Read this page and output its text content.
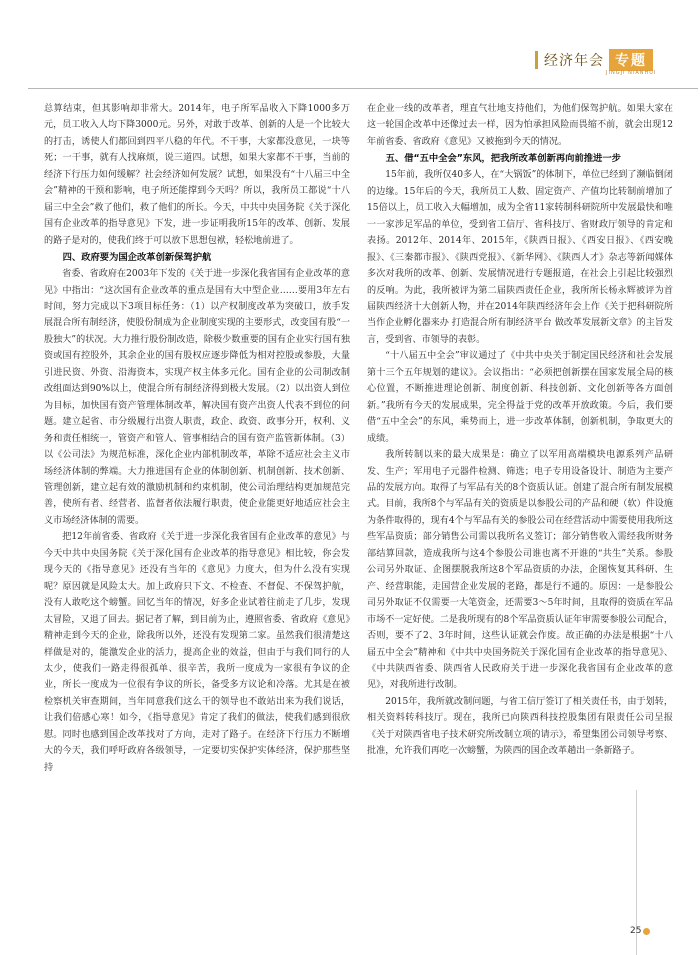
经济年会 专题
JINGJI NIANHUI

总算结束，但其影响却非常大。2014年，电子所军品收入下降1000多万元，员工收入人均下降3000元。另外，对敢于改革、创新的人是一个比较大的打击，诱使人们都回到四平八稳的年代。不干事，大家都没意见，一块等死；一干事，就有人找麻烦，说三道四。试想，如果大家都不干事，当前的经济下行压力如何缓解？社会经济如何发展？试想，如果没有“十八届三中全会”精神的干预和影响，电子所还能撑到今天吗？所以，我所员工都说“十八届三中全会”救了他们，救了他们的所长。今天，中共中央国务院《关于深化国有企业改革的指导意见》下发，进一步证明我所15年的改革、创新、发展的路子是对的，使我们终于可以放下思想包袱，轻松地前进了。

四、政府要为国企改革创新保驾护航

省委、省政府在2003年下发的《关于进一步深化我省国有企业改革的意见》中指出：“这次国有企业改革的重点是国有大中型企业……要用3年左右时间，努力完成以下3项目标任务：（1）以产权制度改革为突破口，放手发展混合所有制经济，使股份制成为企业制度实现的主要形式，改变国有股“一股独大”的状况。大力推行股份制改造，除极少数重要的国有企业实行国有独资或国有控股外，其余企业的国有股权应逐步降低为相对控股或参股，大量引进民资、外资、沿海资本，实现产权主体多元化。国有企业的公司制改制改组面达到90%以上，使混合所有制经济得到极大发展。（2）以出资人到位为目标，加快国有资产管理体制改革，解决国有资产出资人代表不到位的问题。建立起省、市分级履行出资人职责，政企、政资、政事分开，权利、义务和责任相统一，管资产和管人、管事相结合的国有资产监管新体制。（3）以《公司法》为规范标准，深化企业内部机制改革，革除不适应社会主义市场经济体制的弊端。大力推进国有企业的体制创新、机制创新、技术创新、管理创新，建立起有效的激励机制和约束机制，使公司治理结构更加规范完善，使所有者、经营者、监督者依法履行职责，使企业能更好地适应社会主义市场经济体制的需要。

把12年前省委、省政府《关于进一步深化我省国有企业改革的意见》与今天中共中央国务院《关于深化国有企业改革的指导意见》相比较，你会发现今天的《指导意见》还没有当年的《意见》力度大，但为什么没有实现呢？原因就是风险太大。加上政府只下文、不检查、不督促、不保驾护航，没有人敢吃这个螃蟹。回忆当年的情况，好多企业试着往前走了几步，发现太冒险，又退了回去。据记者了解，到目前为止，遵照省委、省政府《意见》精神走到今天的企业，除我所以外，还没有发现第二家。虽然我们很清楚这样做是对的，能激发企业的活力，提高企业的效益，但由于与我们同行的人太少，使我们一路走得很孤单、很辛苦，我所一度成为一家很有争议的企业，所长一度成为一位很有争议的所长，备受多方议论和冷落。尤其是在被检察机关审查期间，当年同意我们这么干的领导也不敢站出来为我们说话，让我们倍感心寒！如今，《指导意见》肯定了我们的做法，使我们感到很欣慰。同时也感到国企改革找对了方向，走对了路子。在经济下行压力不断增大的今天，我们呼吁政府各级领导，一定要切实保护实体经济，保护那些坚持

在企业一线的改革者，理直气壮地支持他们，为他们保驾护航。如果大家在这一轮国企改革中还像过去一样，因为怕承担风险而畏缩不前，就会出现12年前省委、省政府《意见》又被拖到今天的情况。

五、借“五中全会”东风，把我所改革创新再向前推进一步

15年前，我所仅40多人，在“大锅饭”的体制下，单位已经到了濒临倒闭的边缘。15年后的今天，我所员工人数、固定资产、产值均比转制前增加了15倍以上，员工收入大幅增加，成为全省11家转制科研院所中发展最快和唯一一家涉足军品的单位，受到省工信厅、省科技厅、省财政厅领导的肯定和表扬。2012年、2014年、2015年，《陕西日报》、《西安日报》、《西安晚报》、《三秦都市报》、《陕西党报》、《新华网》、《陕西人才》杂志等新闻媒体多次对我所的改革、创新、发展情况进行专题报道，在社会上引起比较强烈的反响。为此，我所被评为第二届陕西责任企业，我所所长杨永辉被评为首届陕西经济十大创新人物，并在2014年陕西经济年会上作《关于把科研院所当作企业孵化器来办 打造混合所有制经济平台 做改革发展新文章》的主旨发言，受到省、市领导的表彰。

“十八届五中全会”审议通过了《中共中央关于制定国民经济和社会发展第十三个五年规划的建议》。会议指出：“必须把创新摆在国家发展全局的核心位置，不断推进理论创新、制度创新、科技创新、文化创新等各方面创新。”我所有今天的发展成果，完全得益于党的改革开放政策。今后，我们要借“五中全会”的东风，乘势而上，进一步改革体制，创新机制，争取更大的成绩。

我所转制以来的最大成果是：确立了以军用高端模块电源系列产品研发、生产；军用电子元器件检测、筛选；电子专用设备设计、制造为主要产品的发展方向。取得了与军品有关的8个资质认证。创建了混合所有制发展模式。目前，我所8个与军品有关的资质是以参股公司的产品和硬（软）件设施为条件取得的，现有4个与军品有关的参股公司在经营活动中需要使用我所这些军品资质；部分销售公司需以我所名义签订；部分销售收入需经我所财务部结算回款，造成我所与这4个参股公司谁也离不开谁的“共生”关系。参股公司另外取证、企图摆脱我所这8个军品资质的办法，企图恢复其科研、生产、经营职能，走国营企业发展的老路，都是行不通的。原因：一是参股公司另外取证不仅需要一大笔资金，还需要3～5年时间，且取得的资质在军品市场不一定好使。二是我所现有的8个军品资质认证年审需要参股公司配合，否则，要不了2、3年时间，这些认证就会作废。故正确的办法是根据“十八届五中全会”精神和《中共中央国务院关于深化国有企业改革的指导意见》、《中共陕西省委、陕西省人民政府关于进一步深化我省国有企业改革的意见》，对我所进行改制。

2015年，我所就改制问题，与省工信厅签订了相关责任书，由于划转，相关资料转科技厅。现在，我所已向陕西科技控股集团有限责任公司呈报《关于对陕西省电子技术研究所改制立项的请示》，希望集团公司领导考察、批准，允许我们再吃一次螃蟹，为陕西的国企改革趟出一条新路子。

25
